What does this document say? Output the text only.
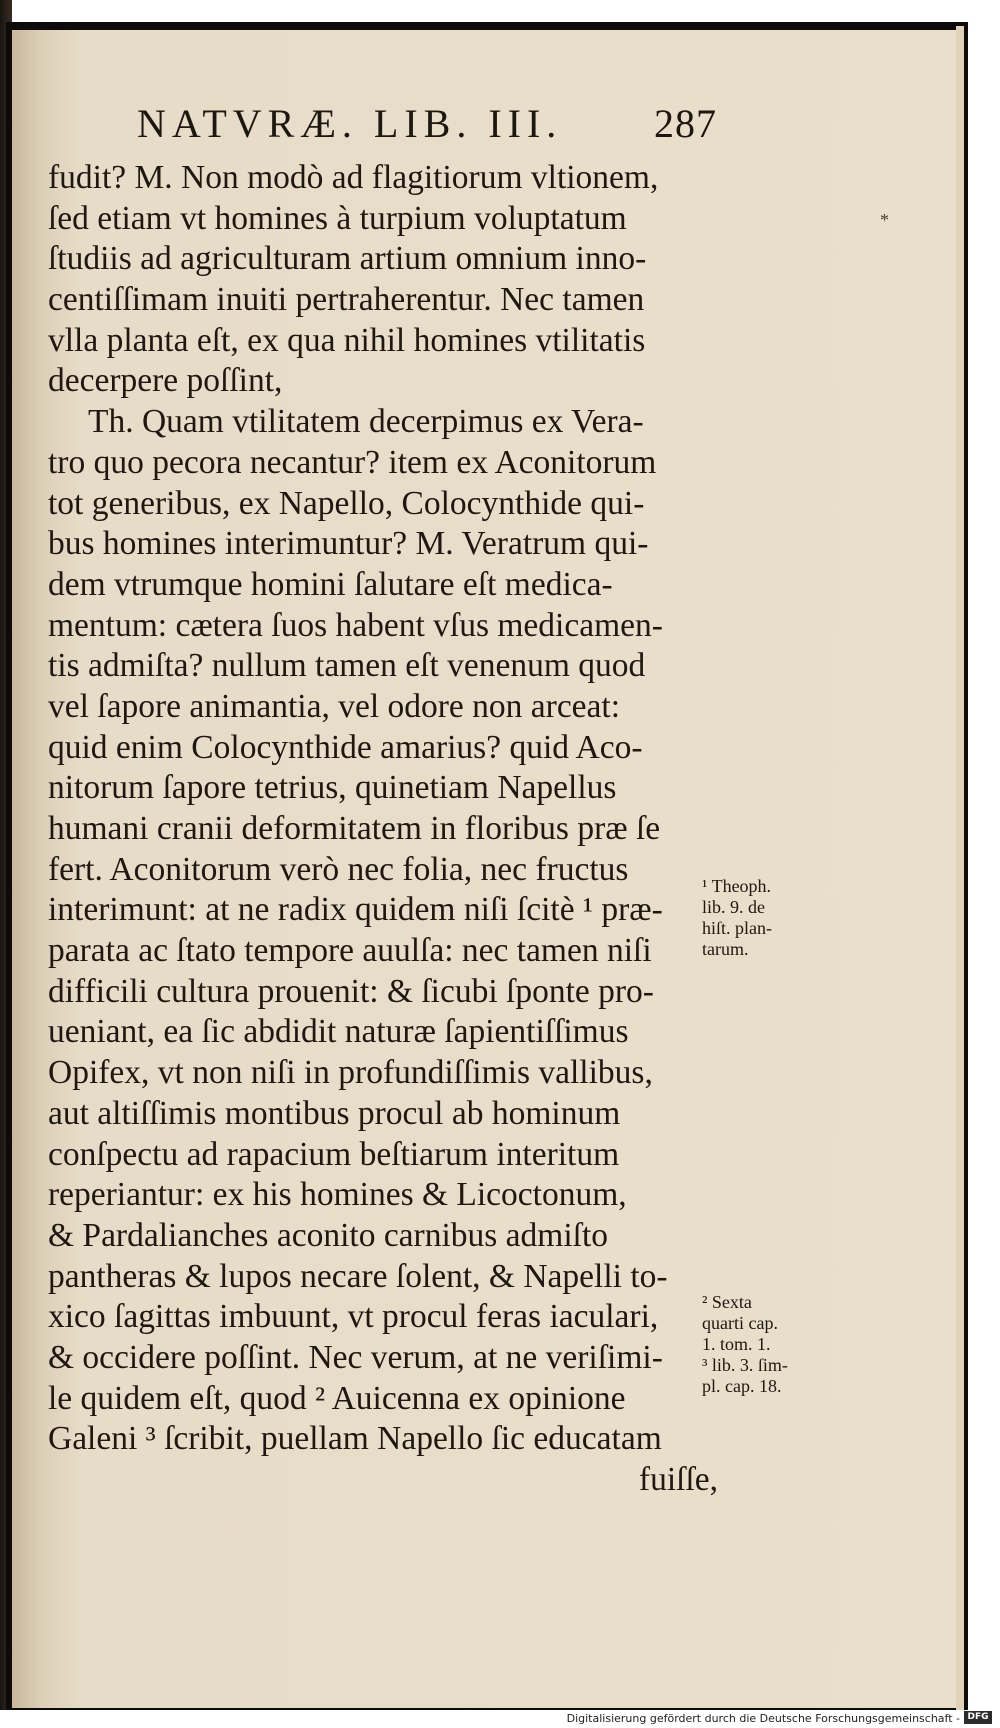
NATVRÆ. LIB. III. 287
fudit? M. Non modò ad flagitiorum vltionem,
ſed etiam vt homines à turpium voluptatum
ſtudiis ad agriculturam artium omnium inno-
centiſſimam inuiti pertraherentur. Nec tamen
vlla planta eſt, ex qua nihil homines vtilitatis
decerpere poſſint,
Th. Quam vtilitatem decerpimus ex Vera-
tro quo pecora necantur? item ex Aconitorum
tot generibus, ex Napello, Colocynthide qui-
bus homines interimuntur? M. Veratrum qui-
dem vtrumque homini ſalutare eſt medica-
mentum: cætera ſuos habent vſus medicamen-
tis admiſta? nullum tamen eſt venenum quod
vel ſapore animantia, vel odore non arceat:
quid enim Colocynthide amarius? quid Aco-
nitorum ſapore tetrius, quinetiam Napellus
humani cranii deformitatem in floribus præ ſe
fert. Aconitorum verò nec folia, nec fructus
interimunt: at ne radix quidem niſi ſcitè ¹ præ-
parata ac ſtato tempore auulſa: nec tamen niſi
difficili cultura prouenit: & ſicubi ſponte pro-
ueniant, ea ſic abdidit naturæ ſapientiſſimus
Opifex, vt non niſi in profundiſſimis vallibus,
aut altiſſimis montibus procul ab hominum
conſpectu ad rapacium beſtiarum interitum
reperiantur: ex his homines & Licoctonum,
& Pardalianches aconito carnibus admiſto
pantheras & lupos necare ſolent, & Napelli to-
xico ſagittas imbuunt, vt procul feras iaculari,
& occidere poſſint. Nec verum, at ne veriſimi-
le quidem eſt, quod ² Auicenna ex opinione
Galeni ³ ſcribit, puellam Napello ſic educatam
fuiſſe,
*
¹ Theoph.
lib. 9. de
hiſt. plan-
tarum.
² Sexta
quarti cap.
1. tom. 1.
³ lib. 3. ſim-
pl. cap. 18.
Digitalisierung gefördert durch die Deutsche Forschungsgemeinschaft - DFG
